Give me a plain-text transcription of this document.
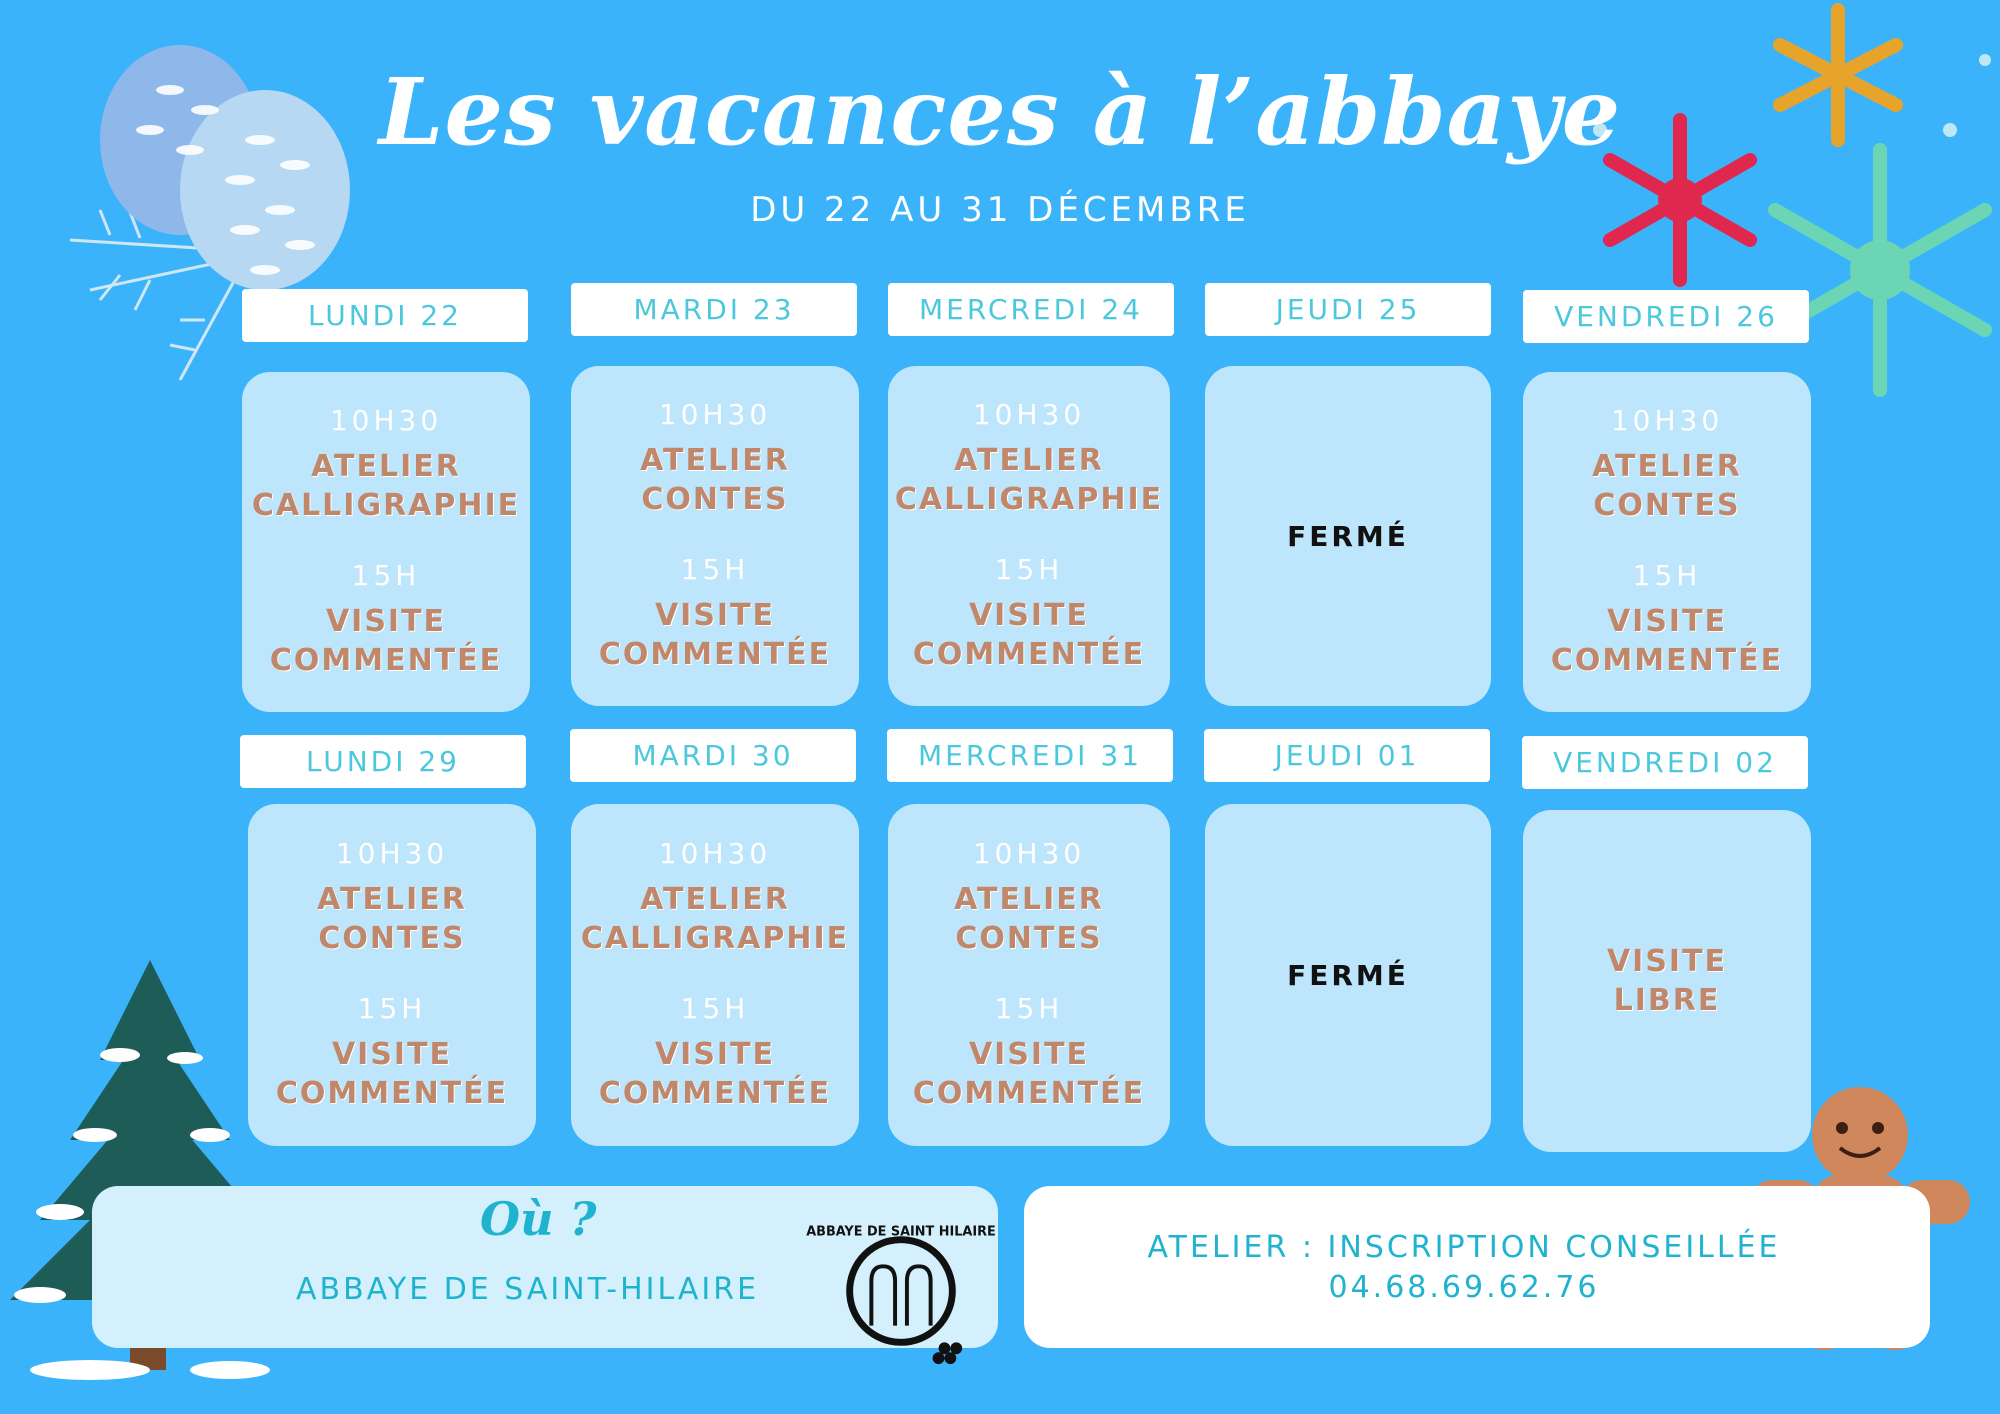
Les vacances à l’abbaye
DU 22 AU 31 DÉCEMBRE
LUNDI 22	MARDI 23	MERCREDI 24	JEUDI 25	VENDREDI 26
10H30
ATELIER
CALLIGRAPHIE
15H
VISITE
COMMENTÉE
10H30
ATELIER
CONTES
15H
VISITE
COMMENTÉE
10H30
ATELIER
CALLIGRAPHIE
15H
VISITE
COMMENTÉE
FERMÉ
10H30
ATELIER
CONTES
15H
VISITE
COMMENTÉE
LUNDI 29	MARDI 30	MERCREDI 31	JEUDI 01	VENDREDI 02
10H30
ATELIER
CONTES
15H
VISITE
COMMENTÉE
10H30
ATELIER
CALLIGRAPHIE
15H
VISITE
COMMENTÉE
10H30
ATELIER
CONTES
15H
VISITE
COMMENTÉE
FERMÉ	VISITE
LIBRE
Où ?
ABBAYE DE SAINT-HILAIRE
ABBAYE DE SAINT HILAIRE	ATELIER : INSCRIPTION CONSEILLÉE
04.68.69.62.76
